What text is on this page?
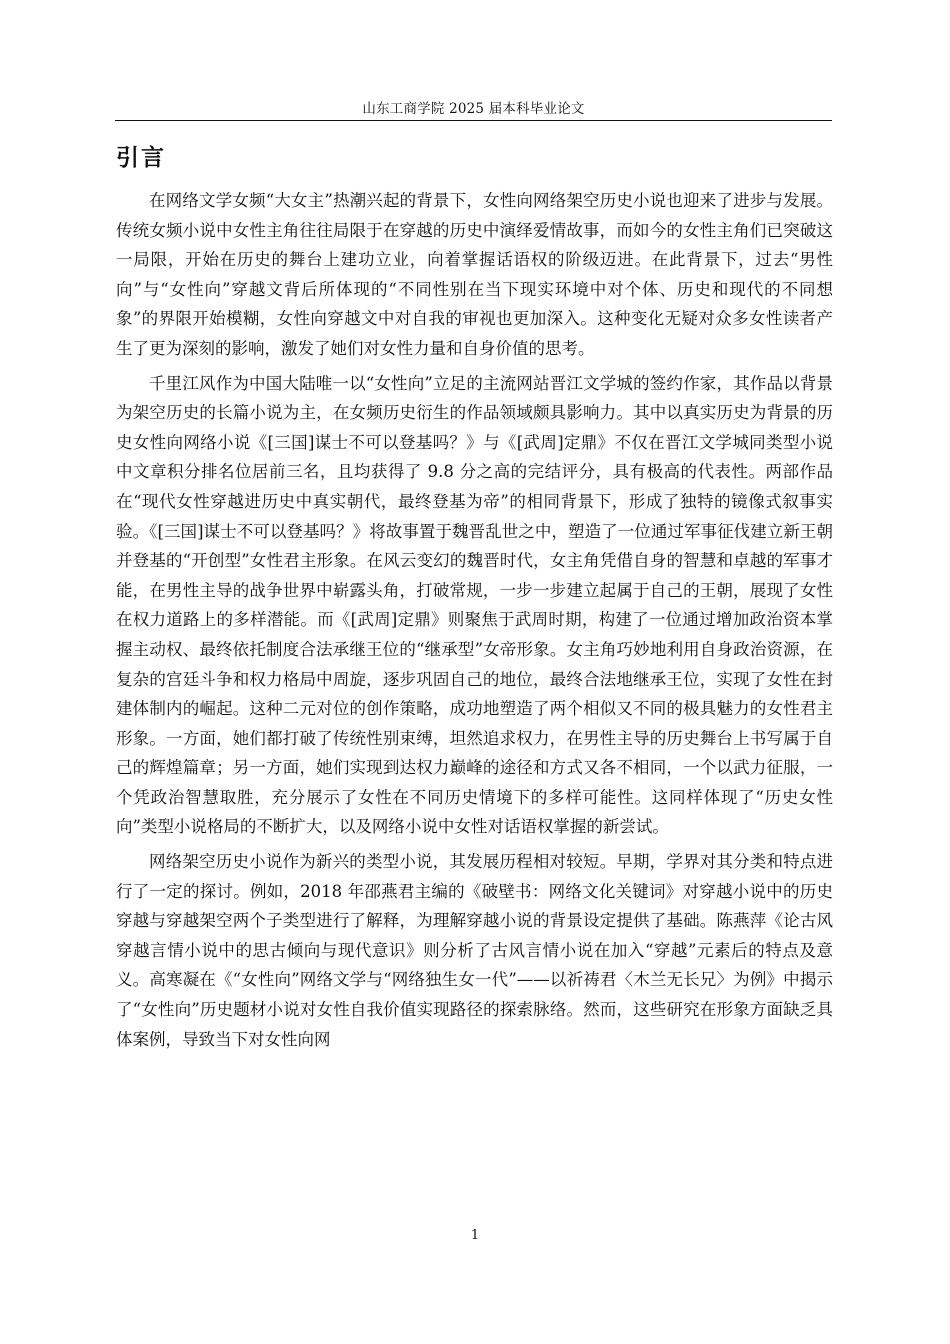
山东工商学院 2025 届本科毕业论文
引言

在网络文学女频“大女主”热潮兴起的背景下，女性向网络架空历史小说也迎来了进步与发展。传统女频小说中女性主角往往局限于在穿越的历史中演绎爱情故事，而如今的女性主角们已突破这一局限，开始在历史的舞台上建功立业，向着掌握话语权的阶级迈进。在此背景下，过去“男性向”与“女性向”穿越文背后所体现的“不同性别在当下现实环境中对个体、历史和现代的不同想象”的界限开始模糊，女性向穿越文中对自我的审视也更加深入。这种变化无疑对众多女性读者产生了更为深刻的影响，激发了她们对女性力量和自身价值的思考。

千里江风作为中国大陆唯一以“女性向”立足的主流网站晋江文学城的签约作家，其作品以背景为架空历史的长篇小说为主，在女频历史衍生的作品领域颇具影响力。其中以真实历史为背景的历史女性向网络小说《[三国]谋士不可以登基吗？》与《[武周]定鼎》不仅在晋江文学城同类型小说中文章积分排名位居前三名，且均获得了 9.8 分之高的完结评分，具有极高的代表性。两部作品在“现代女性穿越进历史中真实朝代，最终登基为帝”的相同背景下，形成了独特的镜像式叙事实验。《[三国]谋士不可以登基吗？》将故事置于魏晋乱世之中，塑造了一位通过军事征伐建立新王朝并登基的“开创型”女性君主形象。在风云变幻的魏晋时代，女主角凭借自身的智慧和卓越的军事才能，在男性主导的战争世界中崭露头角，打破常规，一步一步建立起属于自己的王朝，展现了女性在权力道路上的多样潜能。而《[武周]定鼎》则聚焦于武周时期，构建了一位通过增加政治资本掌握主动权、最终依托制度合法承继王位的“继承型”女帝形象。女主角巧妙地利用自身政治资源，在复杂的宫廷斗争和权力格局中周旋，逐步巩固自己的地位，最终合法地继承王位，实现了女性在封建体制内的崛起。这种二元对位的创作策略，成功地塑造了两个相似又不同的极具魅力的女性君主形象。一方面，她们都打破了传统性别束缚，坦然追求权力，在男性主导的历史舞台上书写属于自己的辉煌篇章；另一方面，她们实现到达权力巅峰的途径和方式又各不相同，一个以武力征服，一个凭政治智慧取胜，充分展示了女性在不同历史情境下的多样可能性。这同样体现了“历史女性向”类型小说格局的不断扩大，以及网络小说中女性对话语权掌握的新尝试。

网络架空历史小说作为新兴的类型小说，其发展历程相对较短。早期，学界对其分类和特点进行了一定的探讨。例如，2018 年邵燕君主编的《破壁书：网络文化关键词》对穿越小说中的历史穿越与穿越架空两个子类型进行了解释，为理解穿越小说的背景设定提供了基础。陈燕萍《论古风穿越言情小说中的思古倾向与现代意识》则分析了古风言情小说在加入“穿越”元素后的特点及意义。高寒凝在《“女性向”网络文学与“网络独生女一代”——以祈祷君〈木兰无长兄〉为例》中揭示了“女性向”历史题材小说对女性自我价值实现路径的探索脉络。然而，这些研究在形象方面缺乏具体案例，导致当下对女性向网

1
